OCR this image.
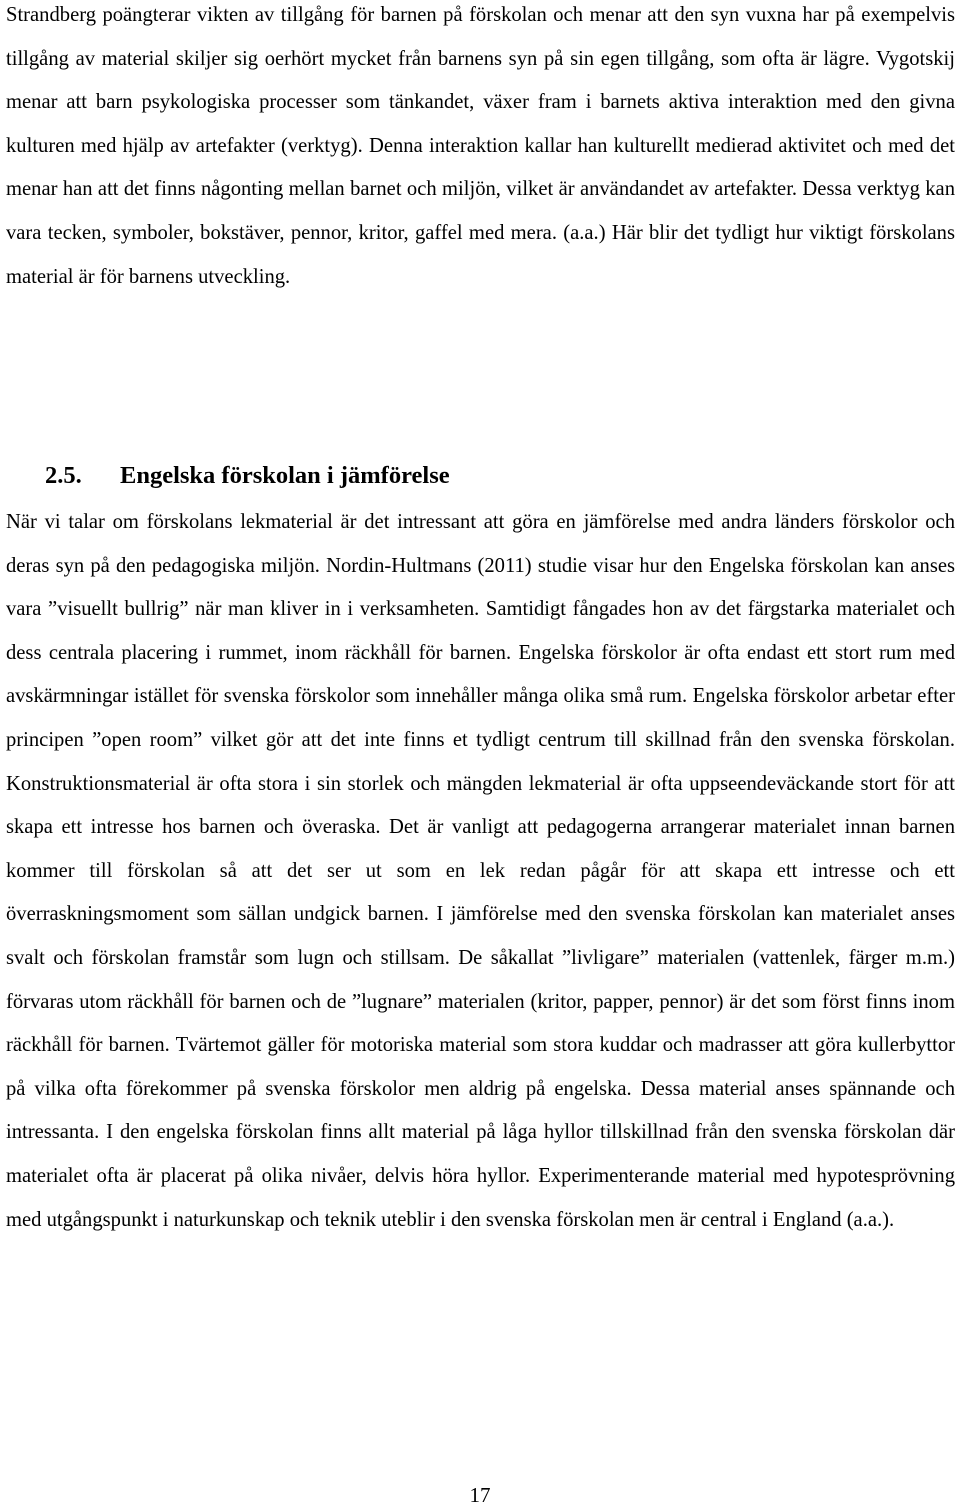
Strandberg poängterar vikten av tillgång för barnen på förskolan och menar att den syn vuxna har på exempelvis tillgång av material skiljer sig oerhört mycket från barnens syn på sin egen tillgång, som ofta är lägre. Vygotskij menar att barn psykologiska processer som tänkandet, växer fram i barnets aktiva interaktion med den givna kulturen med hjälp av artefakter (verktyg). Denna interaktion kallar han kulturellt medierad aktivitet och med det menar han att det finns någonting mellan barnet och miljön, vilket är användandet av artefakter. Dessa verktyg kan vara tecken, symboler, bokstäver, pennor, kritor, gaffel med mera. (a.a.) Här blir det tydligt hur viktigt förskolans material är för barnens utveckling.

2.5. Engelska förskolan i jämförelse

När vi talar om förskolans lekmaterial är det intressant att göra en jämförelse med andra länders förskolor och deras syn på den pedagogiska miljön. Nordin-Hultmans (2011) studie visar hur den Engelska förskolan kan anses vara ”visuellt bullrig” när man kliver in i verksamheten. Samtidigt fångades hon av det färgstarka materialet och dess centrala placering i rummet, inom räckhåll för barnen. Engelska förskolor är ofta endast ett stort rum med avskärmningar istället för svenska förskolor som innehåller många olika små rum. Engelska förskolor arbetar efter principen ”open room” vilket gör att det inte finns et tydligt centrum till skillnad från den svenska förskolan. Konstruktionsmaterial är ofta stora i sin storlek och mängden lekmaterial är ofta uppseendeväckande stort för att skapa ett intresse hos barnen och överaska. Det är vanligt att pedagogerna arrangerar materialet innan barnen kommer till förskolan så att det ser ut som en lek redan pågår för att skapa ett intresse och ett överraskningsmoment som sällan undgick barnen. I jämförelse med den svenska förskolan kan materialet anses svalt och förskolan framstår som lugn och stillsam. De såkallat ”livligare” materialen (vattenlek, färger m.m.) förvaras utom räckhåll för barnen och de ”lugnare” materialen (kritor, papper, pennor) är det som först finns inom räckhåll för barnen. Tvärtemot gäller för motoriska material som stora kuddar och madrasser att göra kullerbyttor på vilka ofta förekommer på svenska förskolor men aldrig på engelska. Dessa material anses spännande och intressanta. I den engelska förskolan finns allt material på låga hyllor tillskillnad från den svenska förskolan där materialet ofta är placerat på olika nivåer, delvis höra hyllor. Experimenterande material med hypotesprövning med utgångspunkt i naturkunskap och teknik uteblir i den svenska förskolan men är central i England (a.a.).

17
